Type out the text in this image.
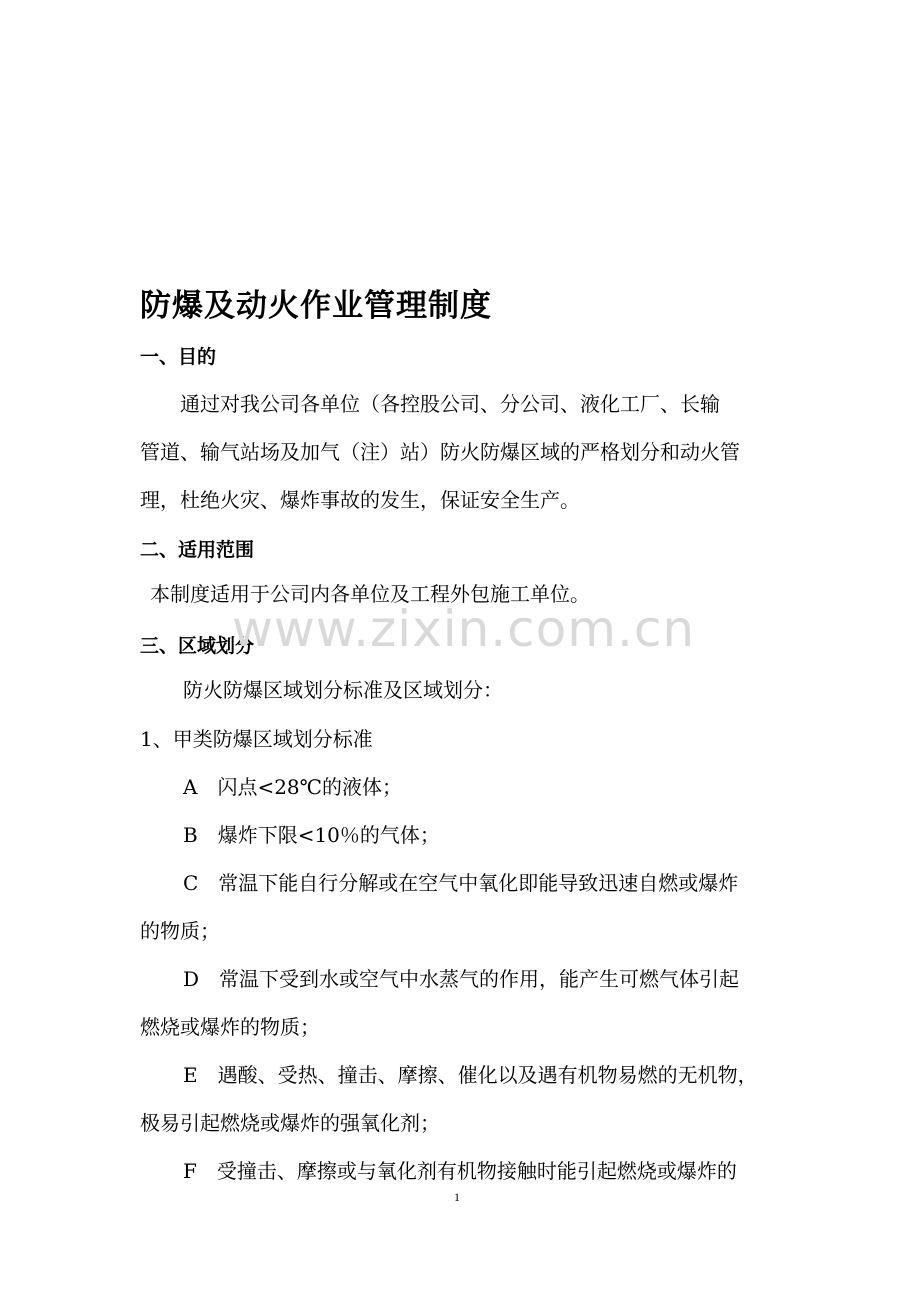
防爆及动火作业管理制度
一、目的
　　通过对我公司各单位（各控股公司、分公司、液化工厂、长输
管道、输气站场及加气（注）站）防火防爆区域的严格划分和动火管
理，杜绝火灾、爆炸事故的发生，保证安全生产。
二、适用范围
本制度适用于公司内各单位及工程外包施工单位。
三、区域划分
防火防爆区域划分标准及区域划分：
1、甲类防爆区域划分标准
A　闪点<28℃的液体；
B　爆炸下限<10％的气体；
C　常温下能自行分解或在空气中氧化即能导致迅速自燃或爆炸
的物质；
D　常温下受到水或空气中水蒸气的作用，能产生可燃气体引起
燃烧或爆炸的物质；
E　遇酸、受热、撞击、摩擦、催化以及遇有机物易燃的无机物，
极易引起燃烧或爆炸的强氧化剂；
F　受撞击、摩擦或与氧化剂有机物接触时能引起燃烧或爆炸的
www.zixin.com.cn
1
